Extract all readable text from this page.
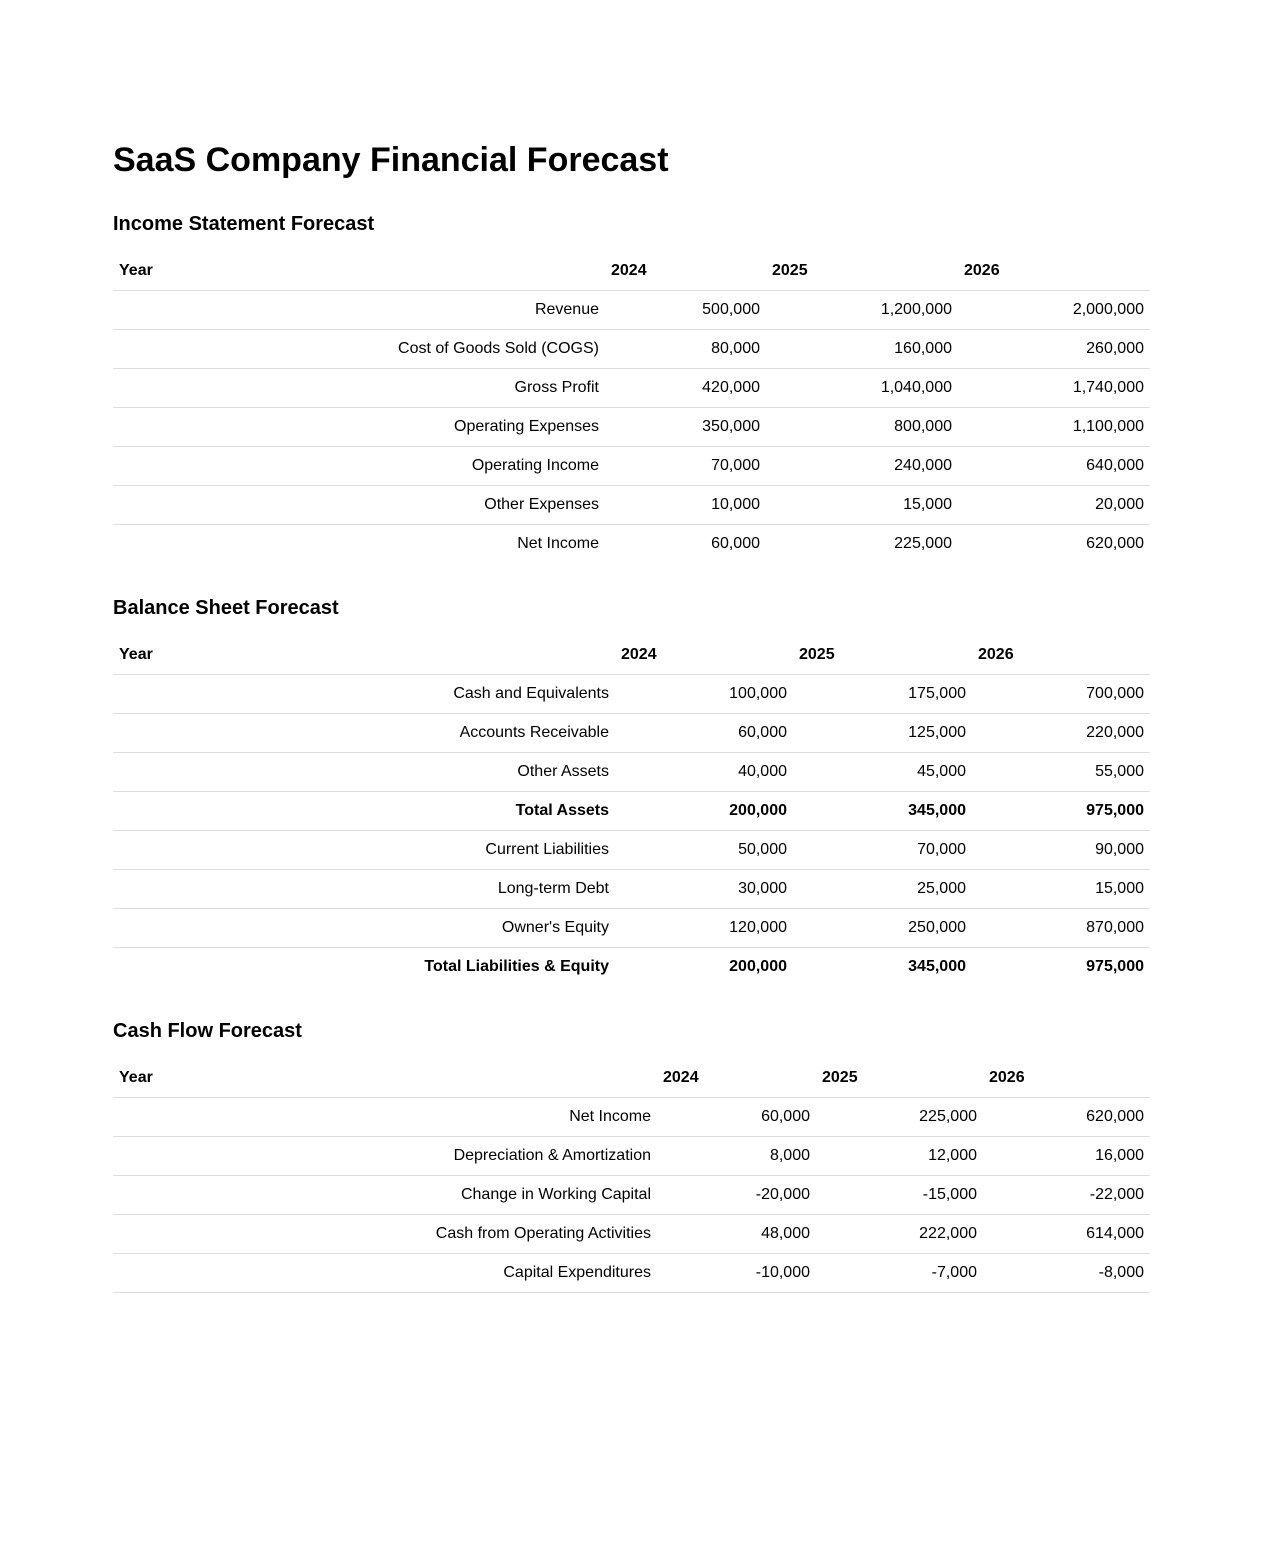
SaaS Company Financial Forecast
Income Statement Forecast
Year	2024	2025	2026
Revenue	500,000	1,200,000	2,000,000
Cost of Goods Sold (COGS)	80,000	160,000	260,000
Gross Profit	420,000	1,040,000	1,740,000
Operating Expenses	350,000	800,000	1,100,000
Operating Income	70,000	240,000	640,000
Other Expenses	10,000	15,000	20,000
Net Income	60,000	225,000	620,000
Balance Sheet Forecast
Year	2024	2025	2026
Cash and Equivalents	100,000	175,000	700,000
Accounts Receivable	60,000	125,000	220,000
Other Assets	40,000	45,000	55,000
Total Assets	200,000	345,000	975,000
Current Liabilities	50,000	70,000	90,000
Long-term Debt	30,000	25,000	15,000
Owner's Equity	120,000	250,000	870,000
Total Liabilities & Equity	200,000	345,000	975,000
Cash Flow Forecast
Year	2024	2025	2026
Net Income	60,000	225,000	620,000
Depreciation & Amortization	8,000	12,000	16,000
Change in Working Capital	-20,000	-15,000	-22,000
Cash from Operating Activities	48,000	222,000	614,000
Capital Expenditures	-10,000	-7,000	-8,000
